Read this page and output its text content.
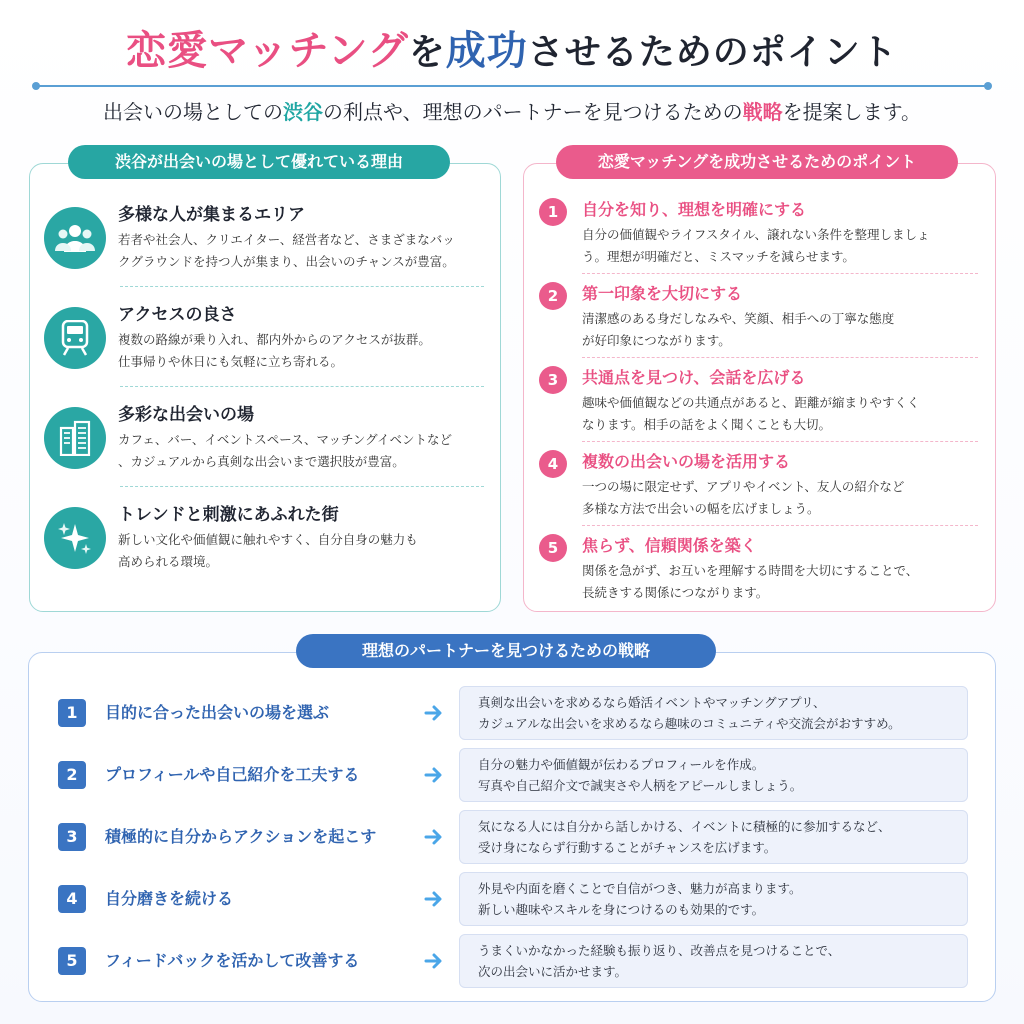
恋愛マッチングを成功させるためのポイント
出会いの場としての渋谷の利点や、理想のパートナーを見つけるための戦略を提案します。
渋谷が出会いの場として優れている理由
多様な人が集まるエリア
若者や社会人、クリエイター、経営者など、さまざまなバッ
クグラウンドを持つ人が集まり、出会いのチャンスが豊富。
アクセスの良さ
複数の路線が乗り入れ、都内外からのアクセスが抜群。
仕事帰りや休日にも気軽に立ち寄れる。
多彩な出会いの場
カフェ、バー、イベントスペース、マッチングイベントなど
、カジュアルから真剣な出会いまで選択肢が豊富。
トレンドと刺激にあふれた街
新しい文化や価値観に触れやすく、自分自身の魅力も
高められる環境。
恋愛マッチングを成功させるためのポイント
1	自分を知り、理想を明確にする
自分の価値観やライフスタイル、譲れない条件を整理しましょ
う。理想が明確だと、ミスマッチを減らせます。
2	第一印象を大切にする
清潔感のある身だしなみや、笑顔、相手への丁寧な態度
が好印象につながります。
3	共通点を見つけ、会話を広げる
趣味や価値観などの共通点があると、距離が縮まりやすくく
なります。相手の話をよく聞くことも大切。
4	複数の出会いの場を活用する
一つの場に限定せず、アプリやイベント、友人の紹介など
多様な方法で出会いの幅を広げましょう。
5	焦らず、信頼関係を築く
関係を急がず、お互いを理解する時間を大切にすることで、
長続きする関係につながります。
理想のパートナーを見つけるための戦略
1	目的に合った出会いの場を選ぶ
真剣な出会いを求めるなら婚活イベントやマッチングアプリ、
カジュアルな出会いを求めるなら趣味のコミュニティや交流会がおすすめ。
2	プロフィールや自己紹介を工夫する
自分の魅力や価値観が伝わるプロフィールを作成。
写真や自己紹介文で誠実さや人柄をアピールしましょう。
3	積極的に自分からアクションを起こす
気になる人には自分から話しかける、イベントに積極的に参加するなど、
受け身にならず行動することがチャンスを広げます。
4	自分磨きを続ける
外見や内面を磨くことで自信がつき、魅力が高まります。
新しい趣味やスキルを身につけるのも効果的です。
5	フィードバックを活かして改善する
うまくいかなかった経験も振り返り、改善点を見つけることで、
次の出会いに活かせます。
